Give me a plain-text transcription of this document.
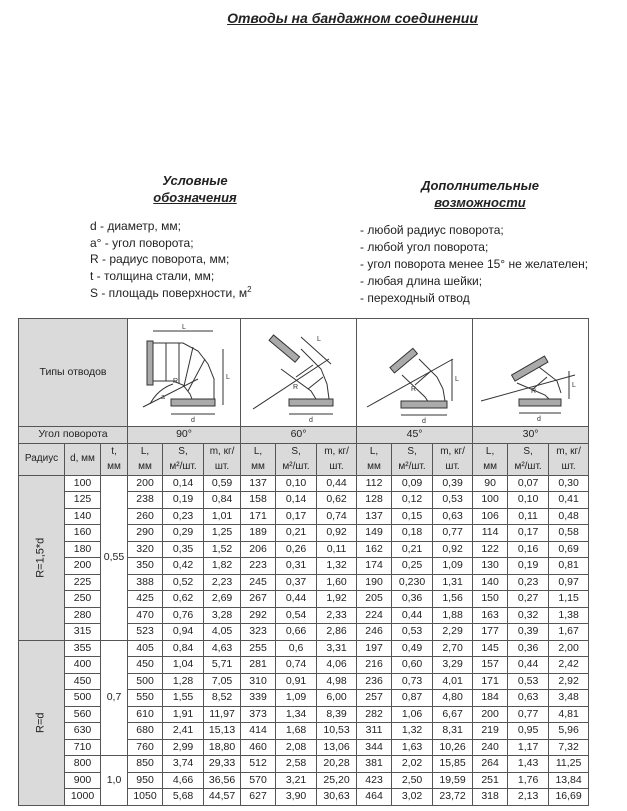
Отводы на бандажном соединении
Условные
обозначения
d - диаметр, мм;
a° - угол поворота;
R - радиус поворота, мм;
t - толщина стали, мм;
S - площадь поверхности, $м^2$
Дополнительные
возможности
- любой радиус поворота;
- любой угол поворота;
- угол поворота менее 15° не желателен;
- любая длина шейки;
- переходный отвод
Типы отводов			L
L
d
R
a			L
d
R			L
d
R			L
d
R		

Угол поворота			90°			60°			45°			30°		
Радиус	d, мм	t,
мм	L,
мм	S,
м²/шт.	m, кг/
шт.	L,
мм	S,
м²/шт.	m, кг/
шт.	L,
мм	S,
м²/шт.	m, кг/
шт.	L,
мм	S,
м²/шт.	m, кг/
шт.
R=1,5*d	100	0,55	200	0,14	0,59	137	0,10	0,44	112	0,09	0,39	90	0,07	0,30
	125		238	0,19	0,84	158	0,14	0,62	128	0,12	0,53	100	0,10	0,41
	140		260	0,23	1,01	171	0,17	0,74	137	0,15	0,63	106	0,11	0,48
	160		290	0,29	1,25	189	0,21	0,92	149	0,18	0,77	114	0,17	0,58
	180		320	0,35	1,52	206	0,26	0,11	162	0,21	0,92	122	0,16	0,69
	200		350	0,42	1,82	223	0,31	1,32	174	0,25	1,09	130	0,19	0,81
	225		388	0,52	2,23	245	0,37	1,60	190	0,230	1,31	140	0,23	0,97
	250		425	0,62	2,69	267	0,44	1,92	205	0,36	1,56	150	0,27	1,15
	280		470	0,76	3,28	292	0,54	2,33	224	0,44	1,88	163	0,32	1,38
	315		523	0,94	4,05	323	0,66	2,86	246	0,53	2,29	177	0,39	1,67
R=d	355	0,7	405	0,84	4,63	255	0,6	3,31	197	0,49	2,70	145	0,36	2,00
	400		450	1,04	5,71	281	0,74	4,06	216	0,60	3,29	157	0,44	2,42
	450		500	1,28	7,05	310	0,91	4,98	236	0,73	4,01	171	0,53	2,92
	500		550	1,55	8,52	339	1,09	6,00	257	0,87	4,80	184	0,63	3,48
	560		610	1,91	11,97	373	1,34	8,39	282	1,06	6,67	200	0,77	4,81
	630		680	2,41	15,13	414	1,68	10,53	311	1,32	8,31	219	0,95	5,96
	710		760	2,99	18,80	460	2,08	13,06	344	1,63	10,26	240	1,17	7,32
	800	1,0	850	3,74	29,33	512	2,58	20,28	381	2,02	15,85	264	1,43	11,25
	900		950	4,66	36,56	570	3,21	25,20	423	2,50	19,59	251	1,76	13,84
	1000		1050	5,68	44,57	627	3,90	30,63	464	3,02	23,72	318	2,13	16,69
